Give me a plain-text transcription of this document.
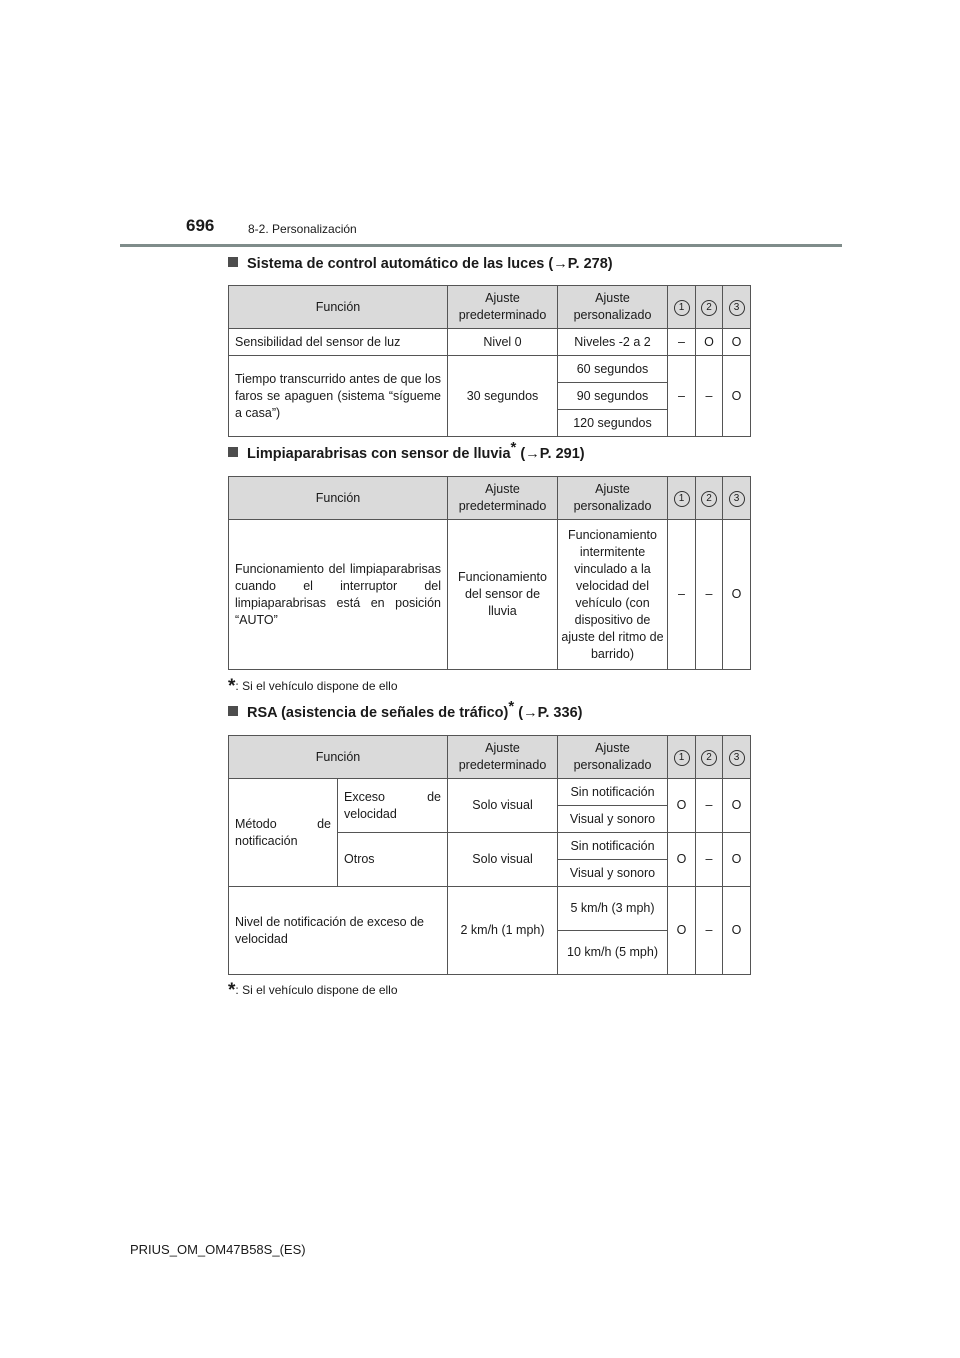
696	8-2. Personalización
Sistema de control automático de las luces (→P. 278)
Función	Ajuste predeterminado	Ajuste personalizado	1	2	3
Sensibilidad del sensor de luz	Nivel 0	Niveles -2 a 2	–	O	O
Tiempo transcurrido antes de que los faros se apaguen (sistema “sígueme a casa”)	30 segundos	60 segundos	–	–	O
		90 segundos			
		120 segundos			
Limpiaparabrisas con sensor de lluvia* (→P. 291)
Función	Ajuste predeterminado	Ajuste personalizado	1	2	3
Funcionamiento del limpiaparabrisas cuando el interruptor del limpiaparabrisas está en posición “AUTO”	Funcionamiento del sensor de lluvia	Funcionamiento intermitente vinculado a la velocidad del vehículo (con dispositivo de ajuste del ritmo de barrido)	–	–	O
*: Si el vehículo dispone de ello
RSA (asistencia de señales de tráfico)* (→P. 336)
Función		Ajuste predeterminado	Ajuste personalizado	1	2	3
Método de notificación	Exceso de velocidad	Solo visual	Sin notificación	O	–	O
			Visual y sonoro			
	Otros	Solo visual	Sin notificación	O	–	O
			Visual y sonoro			
Nivel de notificación de exceso de velocidad		2 km/h (1 mph)	5 km/h (3 mph)	O	–	O
			10 km/h (5 mph)			
*: Si el vehículo dispone de ello
PRIUS_OM_OM47B58S_(ES)
